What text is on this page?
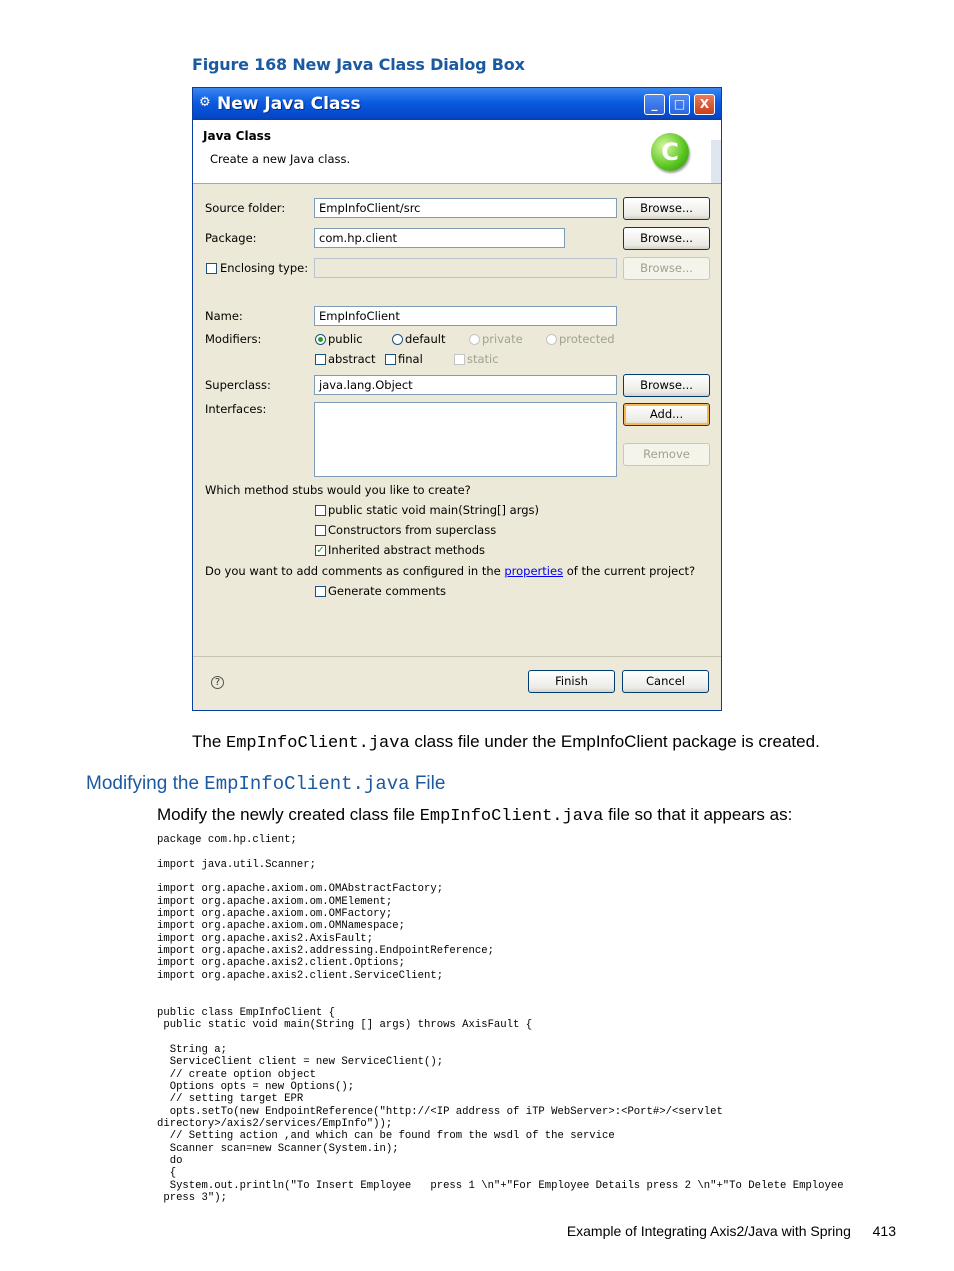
Figure 168 New Java Class Dialog Box
⚙ New Java Class	_	□	X
Java Class
Create a new Java class.	C
Source folder:	EmpInfoClient/src	Browse...
Package:	com.hp.client	Browse...
Enclosing type:	Browse...
Name:	EmpInfoClient
Modifiers:	public	default	private	protected
abstract final	static
Superclass:	java.lang.Object	Browse...
Interfaces:	Add...
Remove
Which method stubs would you like to create?
public static void main(String[] args)
Constructors from superclass
✓ Inherited abstract methods
Do you want to add comments as configured in the properties of the current project?
Generate comments
?	Finish	Cancel
The EmpInfoClient.java class file under the EmpInfoClient package is created.
Modifying the EmpInfoClient.java File
Modify the newly created class file EmpInfoClient.java file so that it appears as:
package com.hp.client;

import java.util.Scanner;

import org.apache.axiom.om.OMAbstractFactory;
import org.apache.axiom.om.OMElement;
import org.apache.axiom.om.OMFactory;
import org.apache.axiom.om.OMNamespace;
import org.apache.axis2.AxisFault;
import org.apache.axis2.addressing.EndpointReference;
import org.apache.axis2.client.Options;
import org.apache.axis2.client.ServiceClient;

public class EmpInfoClient {
public static void main(String [] args) throws AxisFault {

String a;
ServiceClient client = new ServiceClient();
// create option object
Options opts = new Options();
// setting target EPR
opts.setTo(new EndpointReference("http://<IP address of iTP WebServer>:<Port#>/<servlet
directory>/axis2/services/EmpInfo"));
// Setting action ,and which can be found from the wsdl of the service
Scanner scan=new Scanner(System.in);
do
{
System.out.println("To Insert Employee   press 1 \n"+"For Employee Details press 2 \n"+"To Delete Employee
press 3");
Example of Integrating Axis2/Java with Spring 413
